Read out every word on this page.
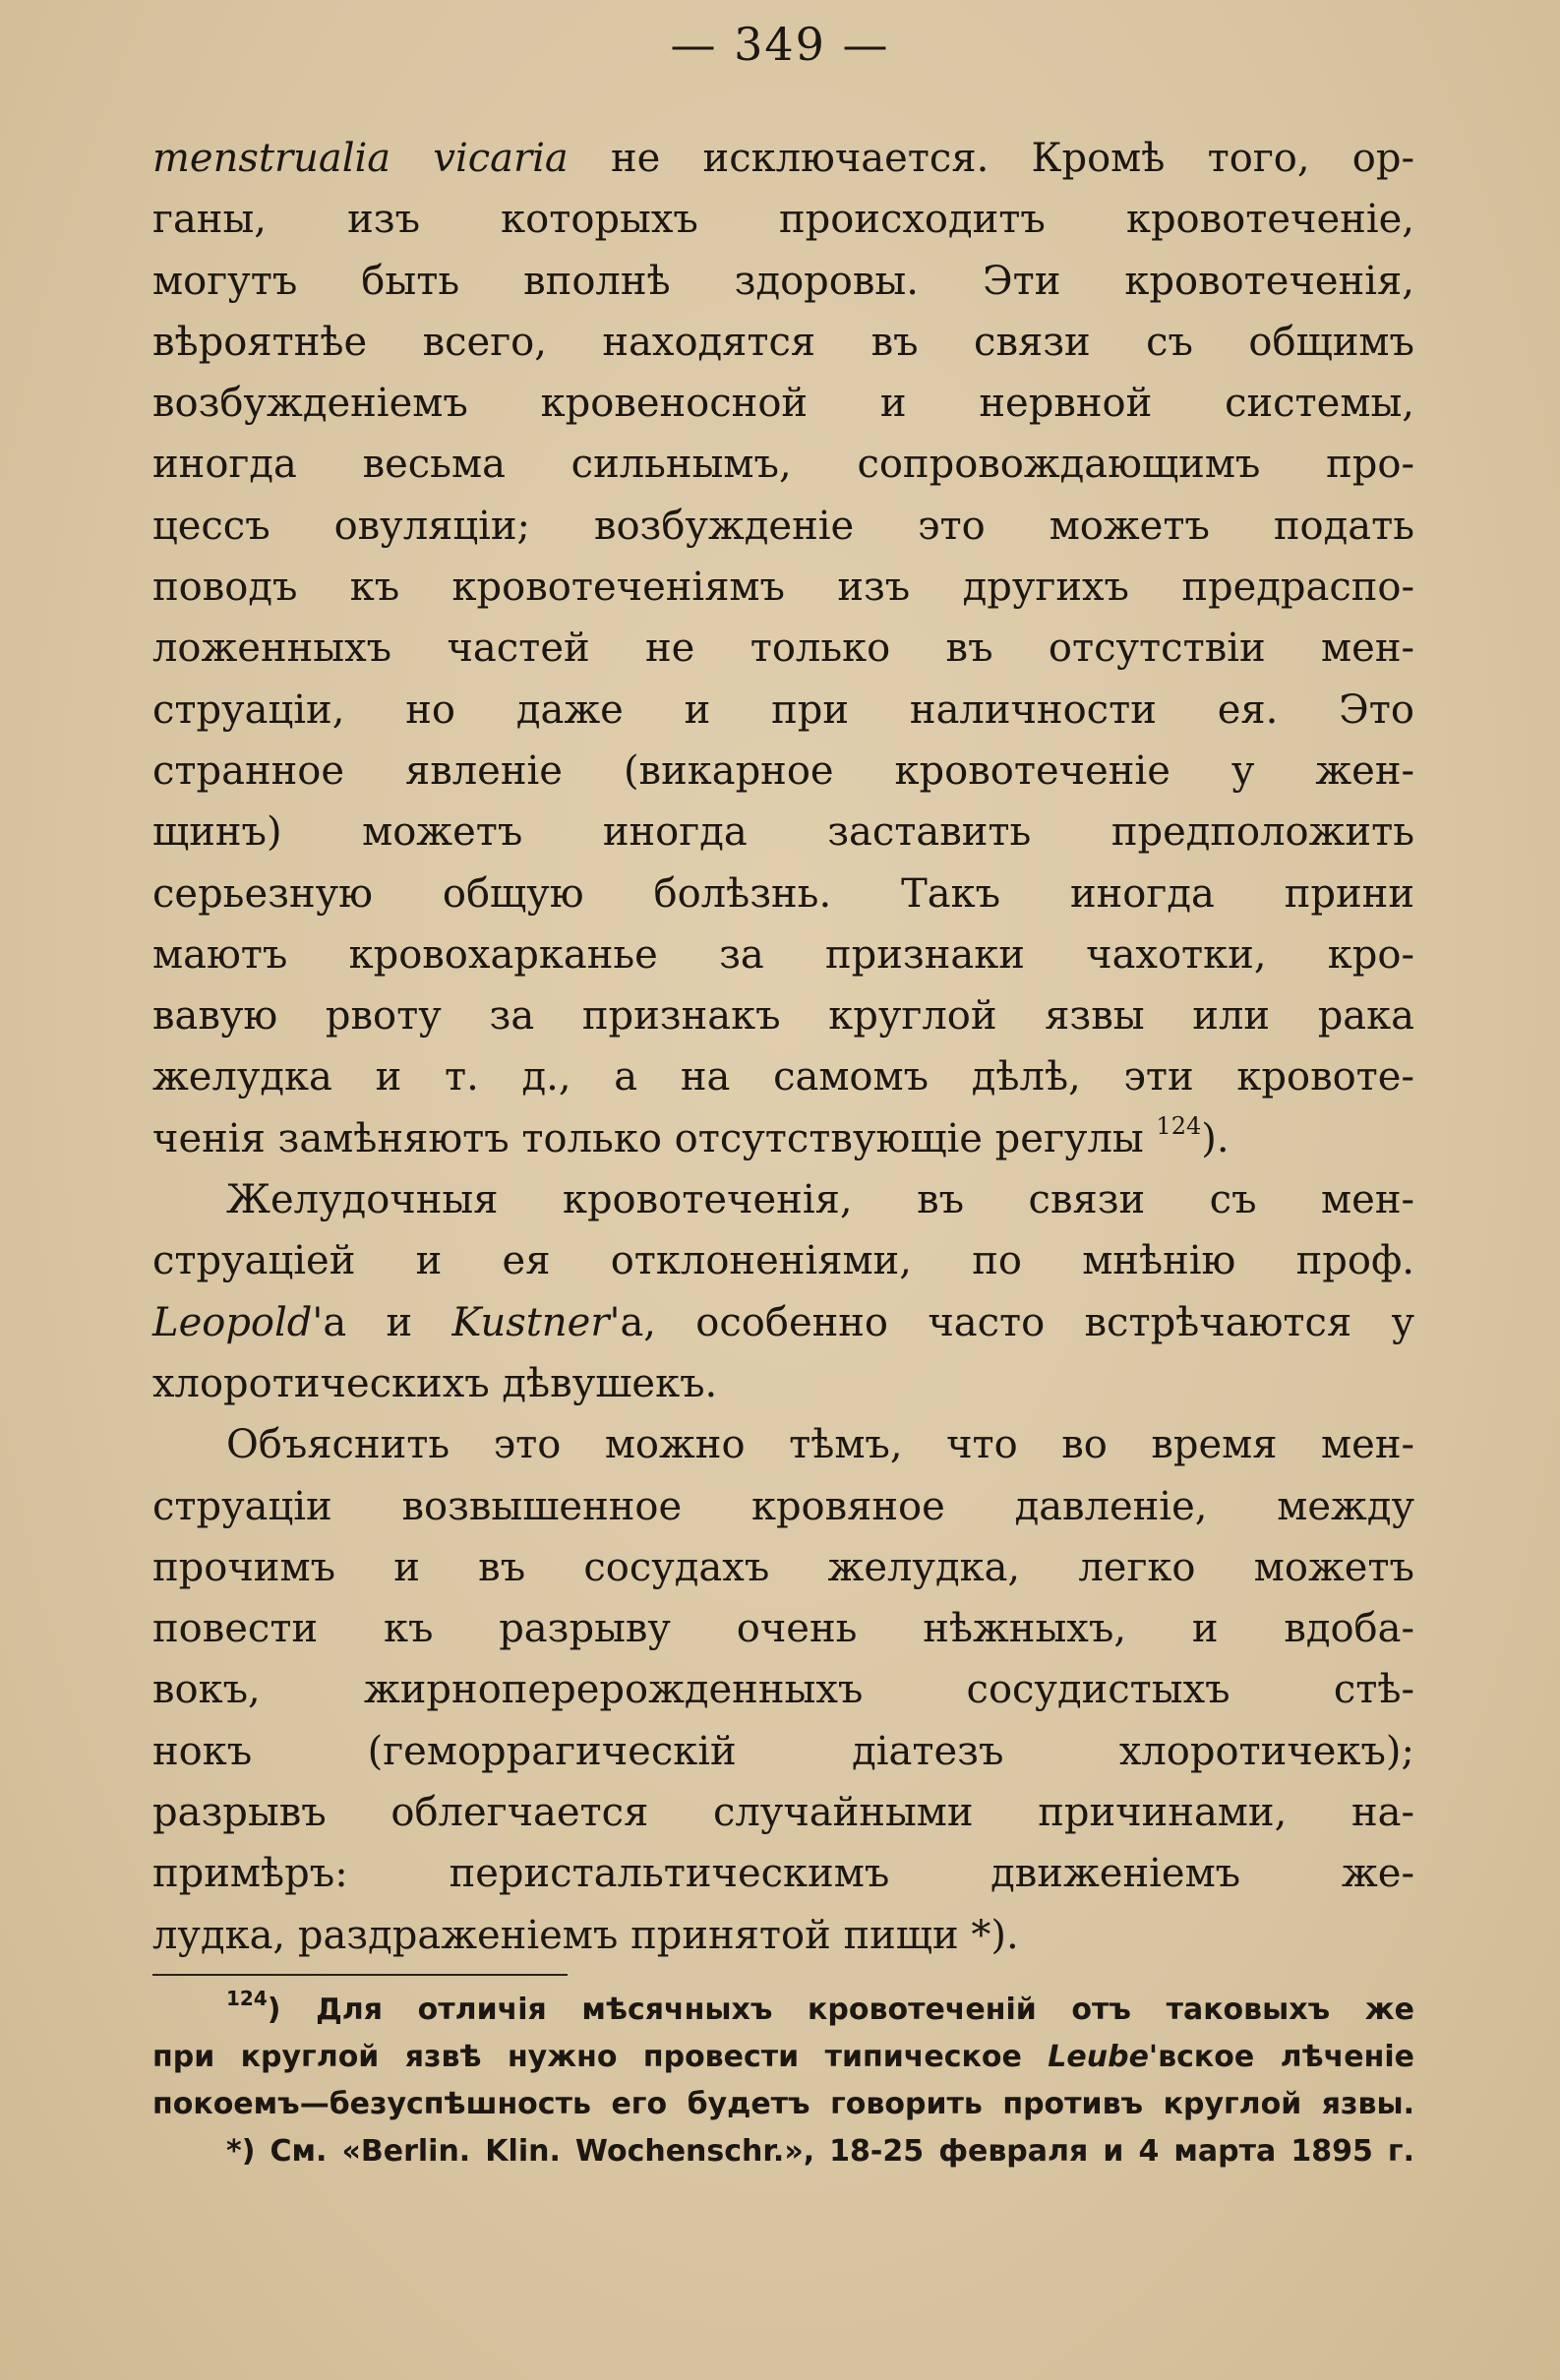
— 349 —
menstrualia vicaria не исключается. Кромѣ того, ор-
ганы, изъ которыхъ происходитъ кровотеченіе,
могутъ быть вполнѣ здоровы. Эти кровотеченія,
вѣроятнѣе всего, находятся въ связи съ общимъ
возбужденіемъ кровеносной и нервной системы,
иногда весьма сильнымъ, сопровождающимъ про-
цессъ овуляціи; возбужденіе это можетъ подать
поводъ къ кровотеченіямъ изъ другихъ предраспо-
ложенныхъ частей не только въ отсутствіи мен-
струаціи, но даже и при наличности ея. Это
странное явленіе (викарное кровотеченіе у жен-
щинъ) можетъ иногда заставить предположить
серьезную общую болѣзнь. Такъ иногда прини
маютъ кровохарканье за признаки чахотки, кро-
вавую рвоту за признакъ круглой язвы или рака
желудка и т. д., а на самомъ дѣлѣ, эти кровоте-
ченія замѣняютъ только отсутствующіе регулы $^{124}$).
Желудочныя кровотеченія, въ связи съ мен-
струаціей и ея отклоненіями, по мнѣнію проф.
Leopold'а и Kustner'а, особенно часто встрѣчаются у
хлоротическихъ дѣвушекъ.
Объяснить это можно тѣмъ, что во время мен-
струаціи возвышенное кровяное давленіе, между
прочимъ и въ сосудахъ желудка, легко можетъ
повести къ разрыву очень нѣжныхъ, и вдоба-
вокъ, жирноперерожденныхъ сосудистыхъ стѣ-
нокъ (геморрагическій діатезъ хлоротичекъ);
разрывъ облегчается случайными причинами, на-
примѣръ: перистальтическимъ движеніемъ же-
лудка, раздраженіемъ принятой пищи *).
$^{124}$) Для отличія мѣсячныхъ кровотеченій отъ таковыхъ же
при круглой язвѣ нужно провести типическое Leube'вское лѣченіе
покоемъ—безуспѣшность его будетъ говорить противъ круглой язвы.
*) См. «Berlin. Klin. Wochenschr.», 18-25 февраля и 4 марта 1895 г.
